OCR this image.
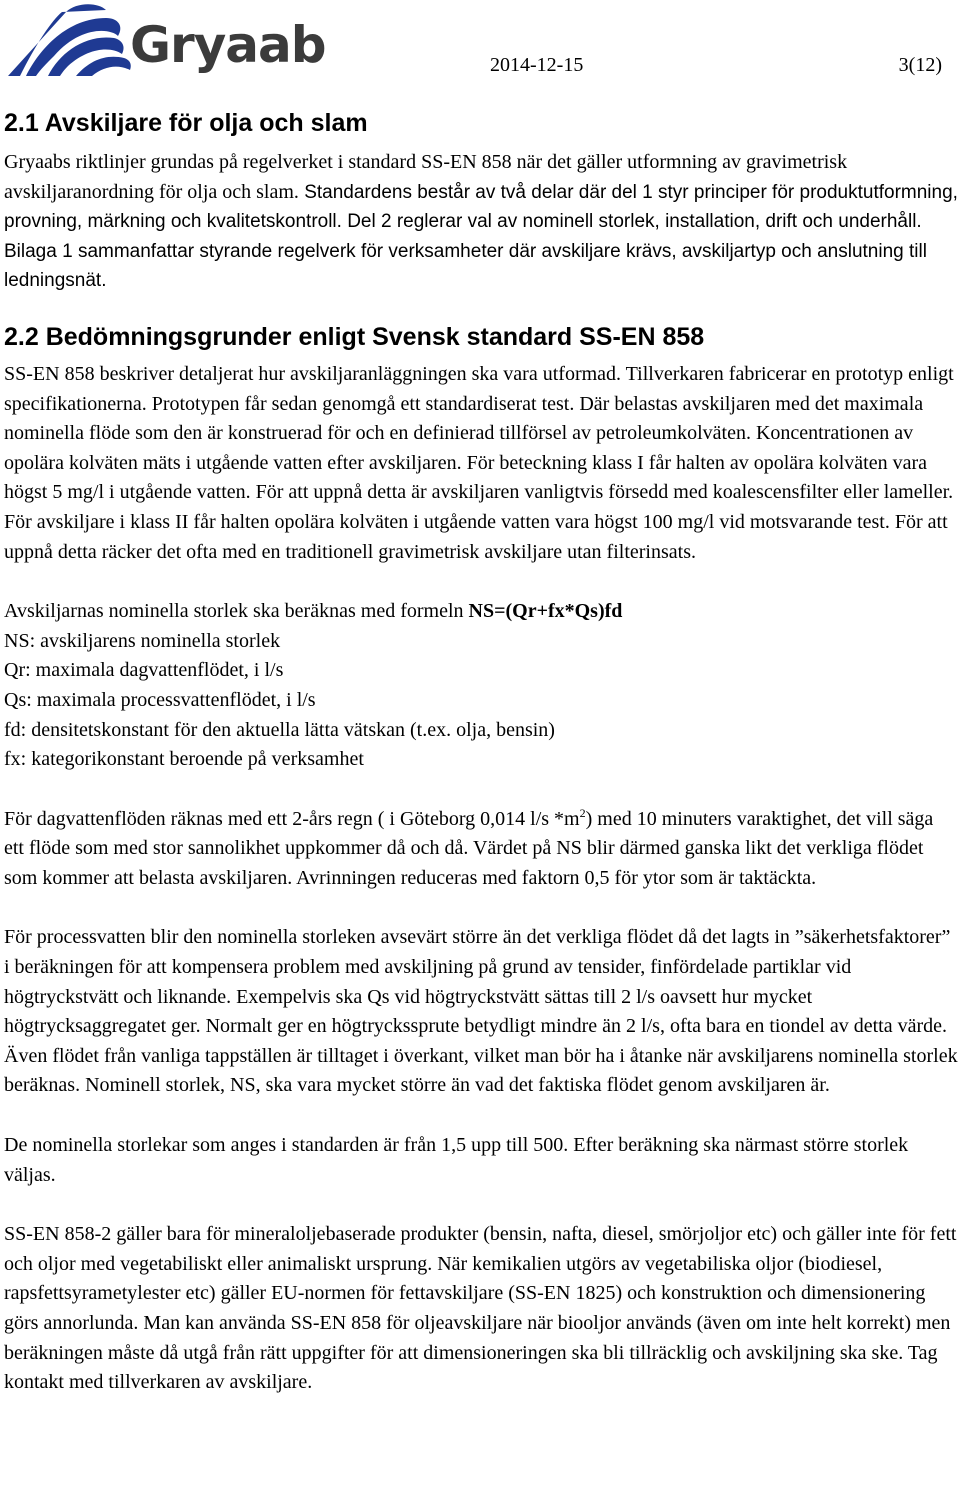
Gryaab	2014-12-15	3(12)
2.1 Avskiljare för olja och slam

Gryaabs riktlinjer grundas på regelverket i standard SS-EN 858 när det gäller utformning av gravimetrisk avskiljaranordning för olja och slam. Standardens består av två delar där del 1 styr principer för produktutformning, provning, märkning och kvalitetskontroll. Del 2 reglerar val av nominell storlek, installation, drift och underhåll. Bilaga 1 sammanfattar styrande regelverk för verksamheter där avskiljare krävs, avskiljartyp och anslutning till ledningsnät.

2.2 Bedömningsgrunder enligt Svensk standard SS-EN 858

SS-EN 858 beskriver detaljerat hur avskiljaranläggningen ska vara utformad. Tillverkaren fabricerar en prototyp enligt specifikationerna. Prototypen får sedan genomgå ett standardiserat test. Där belastas avskiljaren med det maximala nominella flöde som den är konstruerad för och en definierad tillförsel av petroleumkolväten. Koncentrationen av opolära kolväten mäts i utgående vatten efter avskiljaren. För beteckning klass I får halten av opolära kolväten vara högst 5 mg/l i utgående vatten. För att uppnå detta är avskiljaren vanligtvis försedd med koalescensfilter eller lameller. För avskiljare i klass II får halten opolära kolväten i utgående vatten vara högst 100 mg/l vid motsvarande test. För att uppnå detta räcker det ofta med en traditionell gravimetrisk avskiljare utan filterinsats.

Avskiljarnas nominella storlek ska beräknas med formeln NS=(Qr+fx*Qs)fd
NS: avskiljarens nominella storlek
Qr: maximala dagvattenflödet, i l/s
Qs: maximala processvattenflödet, i l/s
fd: densitetskonstant för den aktuella lätta vätskan (t.ex. olja, bensin)
fx: kategorikonstant beroende på verksamhet

För dagvattenflöden räknas med ett 2-års regn ( i Göteborg 0,014 l/s $*m^2$) med 10 minuters varaktighet, det vill säga ett flöde som med stor sannolikhet uppkommer då och då. Värdet på NS blir därmed ganska likt det verkliga flödet som kommer att belasta avskiljaren. Avrinningen reduceras med faktorn 0,5 för ytor som är taktäckta.

För processvatten blir den nominella storleken avsevärt större än det verkliga flödet då det lagts in ”säkerhetsfaktorer” i beräkningen för att kompensera problem med avskiljning på grund av tensider, finfördelade partiklar vid högtryckstvätt och liknande. Exempelvis ska Qs vid högtryckstvätt sättas till 2 l/s oavsett hur mycket högtrycksaggregatet ger. Normalt ger en högtryckssprute betydligt mindre än 2 l/s, ofta bara en tiondel av detta värde. Även flödet från vanliga tappställen är tilltaget i överkant, vilket man bör ha i åtanke när avskiljarens nominella storlek beräknas. Nominell storlek, NS, ska vara mycket större än vad det faktiska flödet genom avskiljaren är.

De nominella storlekar som anges i standarden är från 1,5 upp till 500. Efter beräkning ska närmast större storlek väljas.

SS-EN 858-2 gäller bara för mineraloljebaserade produkter (bensin, nafta, diesel, smörjoljor etc) och gäller inte för fett och oljor med vegetabiliskt eller animaliskt ursprung. När kemikalien utgörs av vegetabiliska oljor (biodiesel, rapsfettsyrametylester etc) gäller EU-normen för fettavskiljare (SS-EN 1825) och konstruktion och dimensionering görs annorlunda. Man kan använda SS-EN 858 för oljeavskiljare när biooljor används (även om inte helt korrekt) men beräkningen måste då utgå från rätt uppgifter för att dimensioneringen ska bli tillräcklig och avskiljning ska ske. Tag kontakt med tillverkaren av avskiljare.
